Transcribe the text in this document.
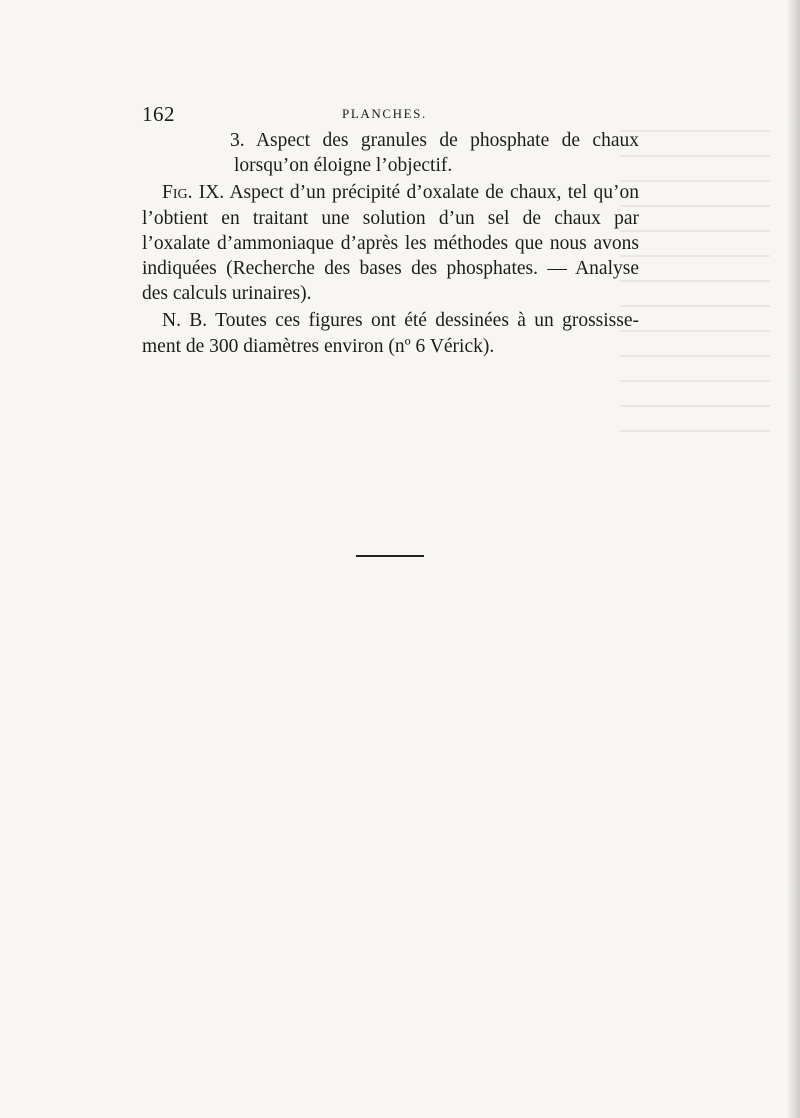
162	PLANCHES.
3. Aspect des granules de phosphate de chaux
lorsqu’on éloigne l’objectif.
Fig. IX. Aspect d’un précipité d’oxalate de chaux, tel qu’on
l’obtient en traitant une solution d’un sel de chaux par
l’oxalate d’ammoniaque d’après les méthodes que nous avons
indiquées (Recherche des bases des phosphates. — Analyse
des calculs urinaires).
N. B. Toutes ces figures ont été dessinées à un grossisse-
ment de 300 diamètres environ (nº 6 Vérick).
